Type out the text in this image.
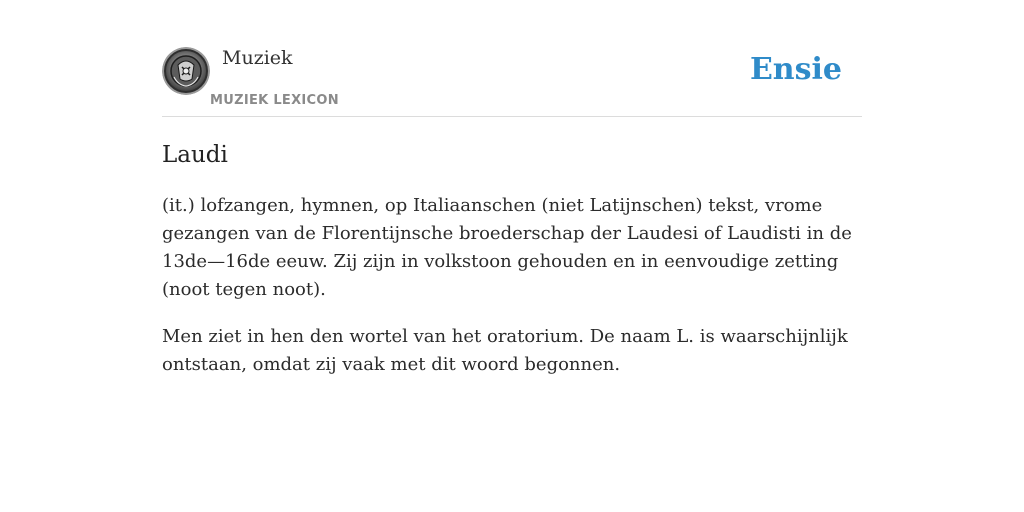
Muziek
MUZIEK LEXICON
Ensie
Laudi

(it.) lofzangen, hymnen, op Italiaanschen (niet Latijnschen) tekst, vrome gezangen van de Florentijnsche broederschap der Laudesi of Laudisti in de 13de—16de eeuw. Zij zijn in volkstoon gehouden en in eenvoudige zetting (noot tegen noot).

Men ziet in hen den wortel van het oratorium. De naam L. is waarschijnlijk ontstaan, omdat zij vaak met dit woord begonnen.
